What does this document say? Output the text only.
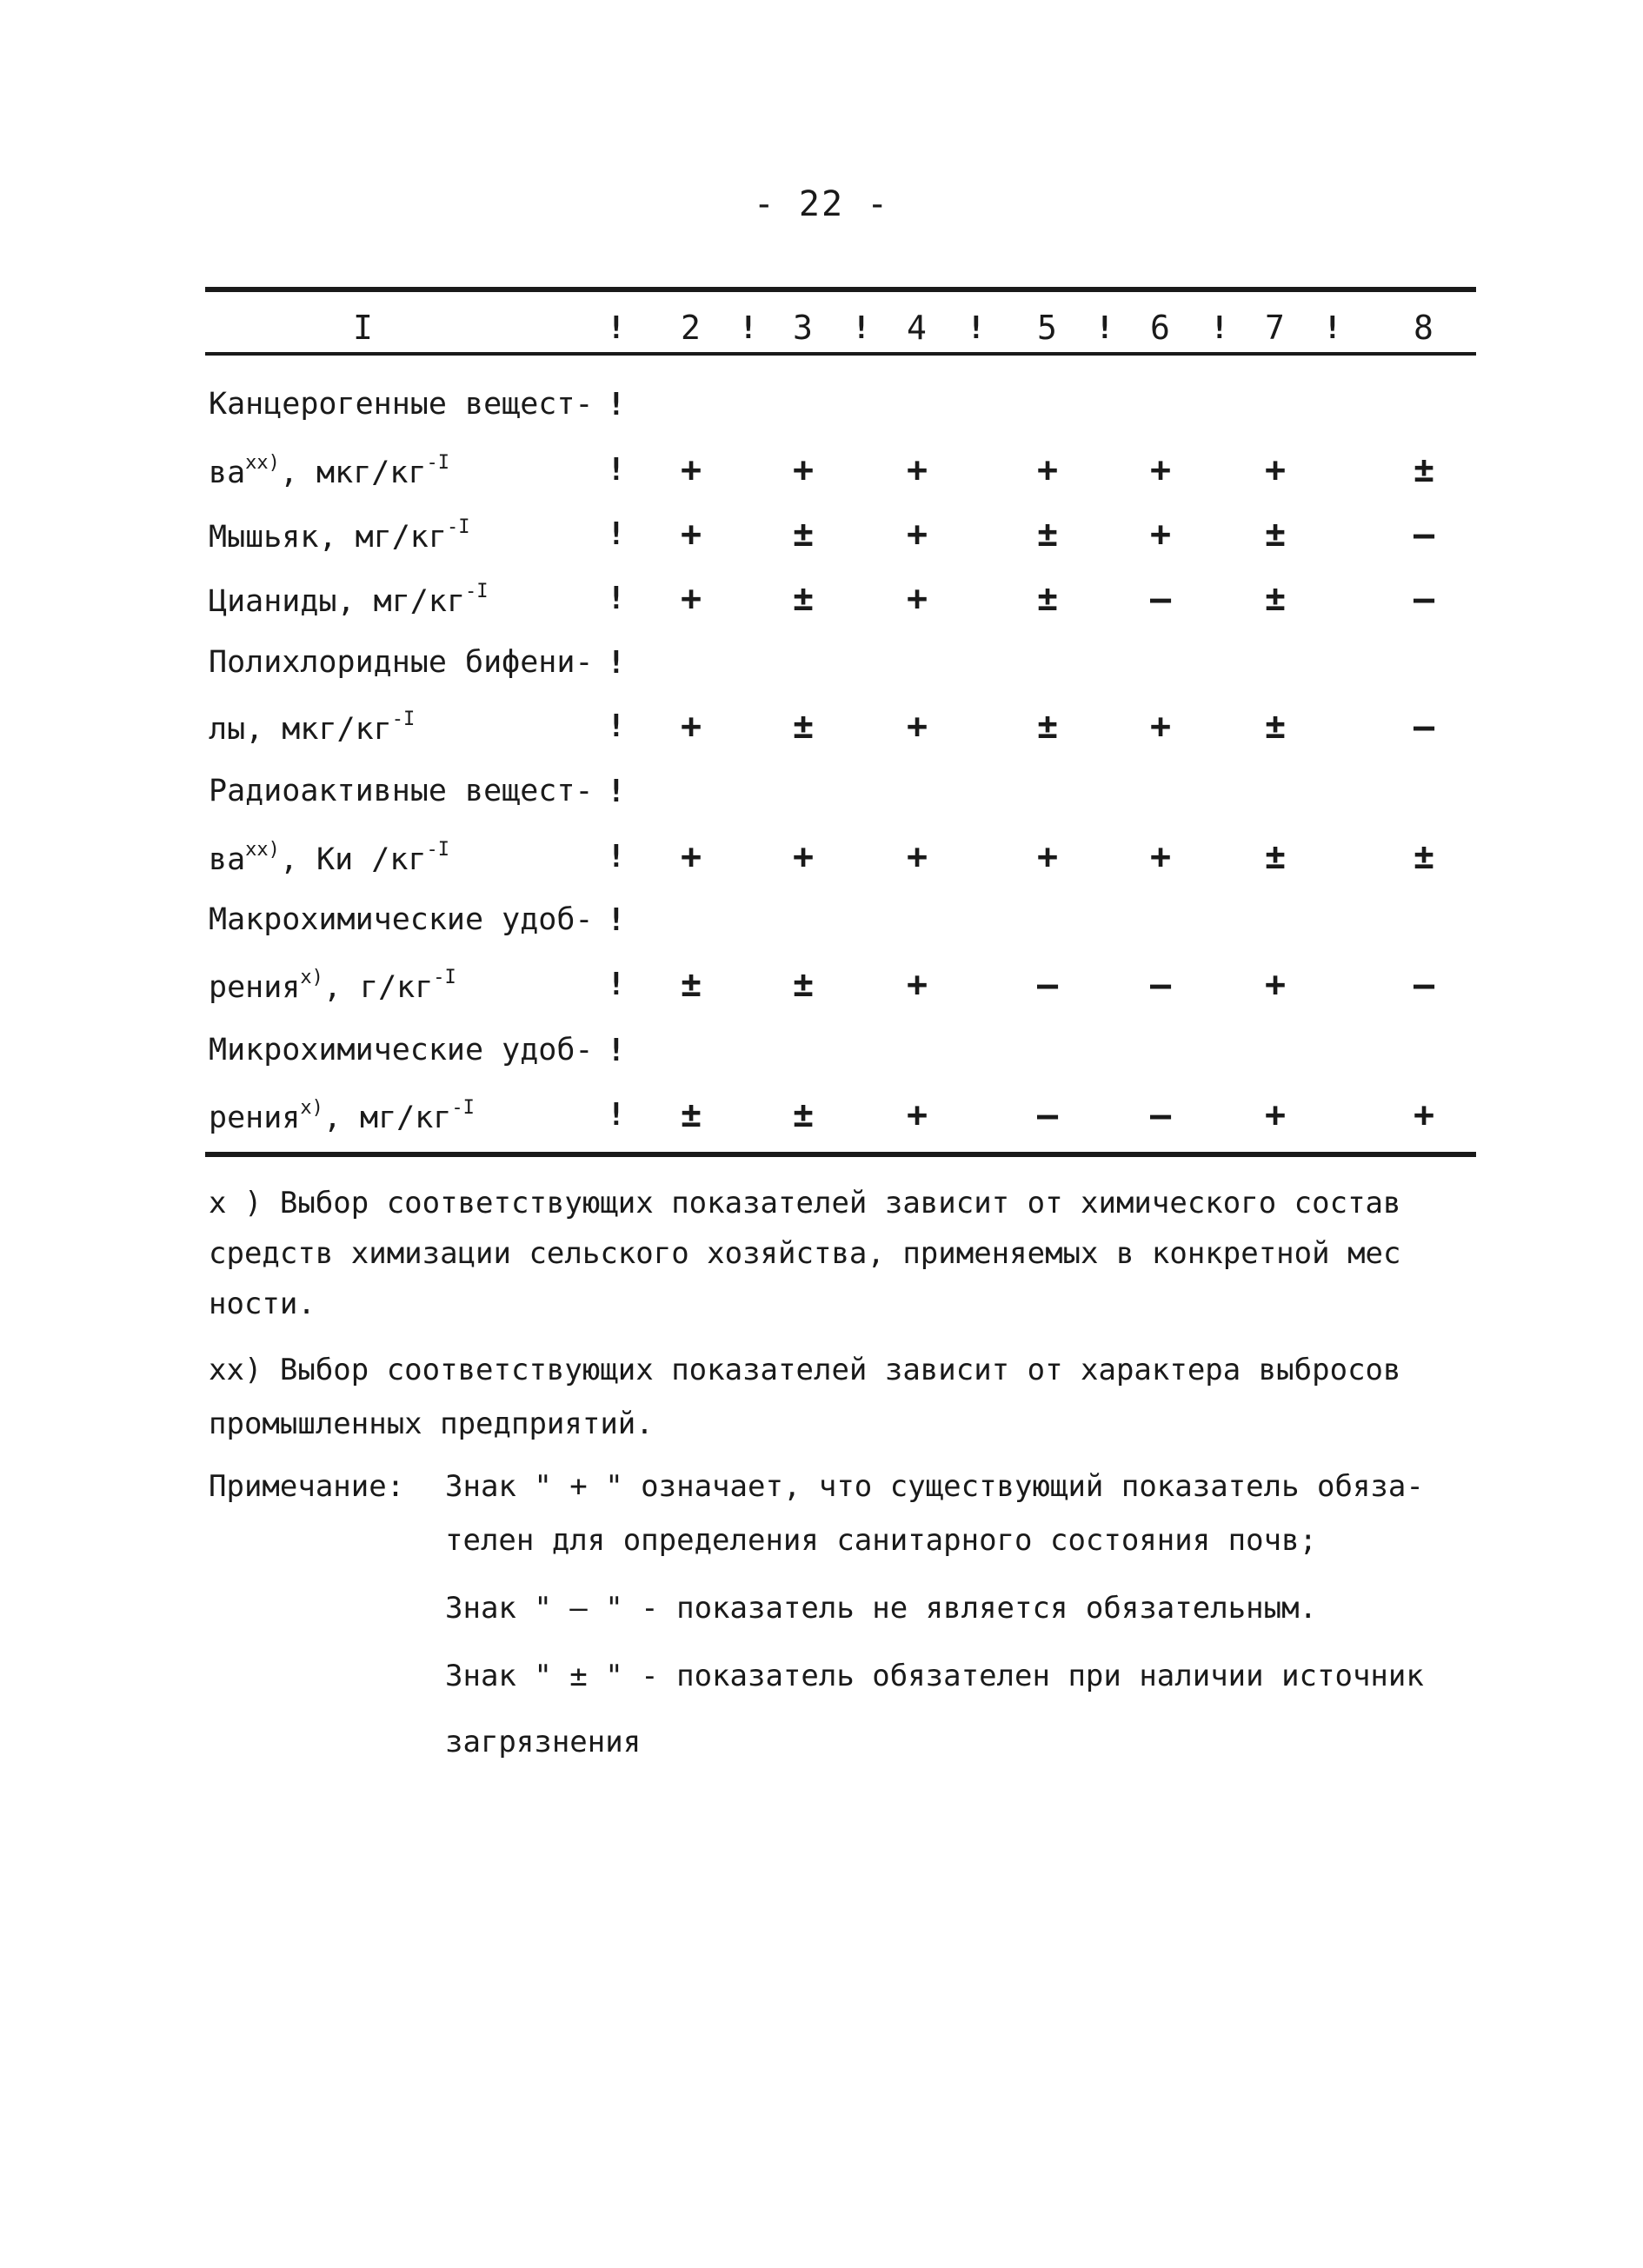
- 22 -
I	2	3	4	5	6	7	8
!	!	!	!	!	!	!
Канцерогенные вещест- !
$ва^{xx)}$, мкг/$кг^{-I}$	!	+	+	+	+	+	+	±
Мышьяк, $мг/кг^{-I}$	!	+	±	+	±	+	±	–
Цианиды, $мг/кг^{-I}$	!	+	±	+	±	–	±	–
Полихлоридные бифени- !
лы, мкг/$кг^{-I}$	!	+	±	+	±	+	±	–
Радиоактивные вещест- !
$ва^{xx)}$, Ки $/кг^{-I}$	!	+	+	+	+	+	±	±
Макрохимические удоб- !
рения$^{x)}$, $г/кг^{-I}$	!	±	±	+	–	–	+	–
Микрохимические удоб- !
рения$^{x)}$, $мг/кг^{-I}$	!	±	±	+	–	–	+	+
x ) Выбор соответствующих показателей зависит от химического состав средств химизации сельского хозяйства, применяемых в конкретной мес ности.
xx) Выбор соответствующих показателей зависит от характера выбросов промышленных предприятий.
Примечание: Знак " + " означает, что существующий показатель обяза-
телен для определения санитарного состояния почв;
Знак " – " - показатель не является обязательным.
Знак " ± " - показатель обязателен при наличии источник
загрязнения
